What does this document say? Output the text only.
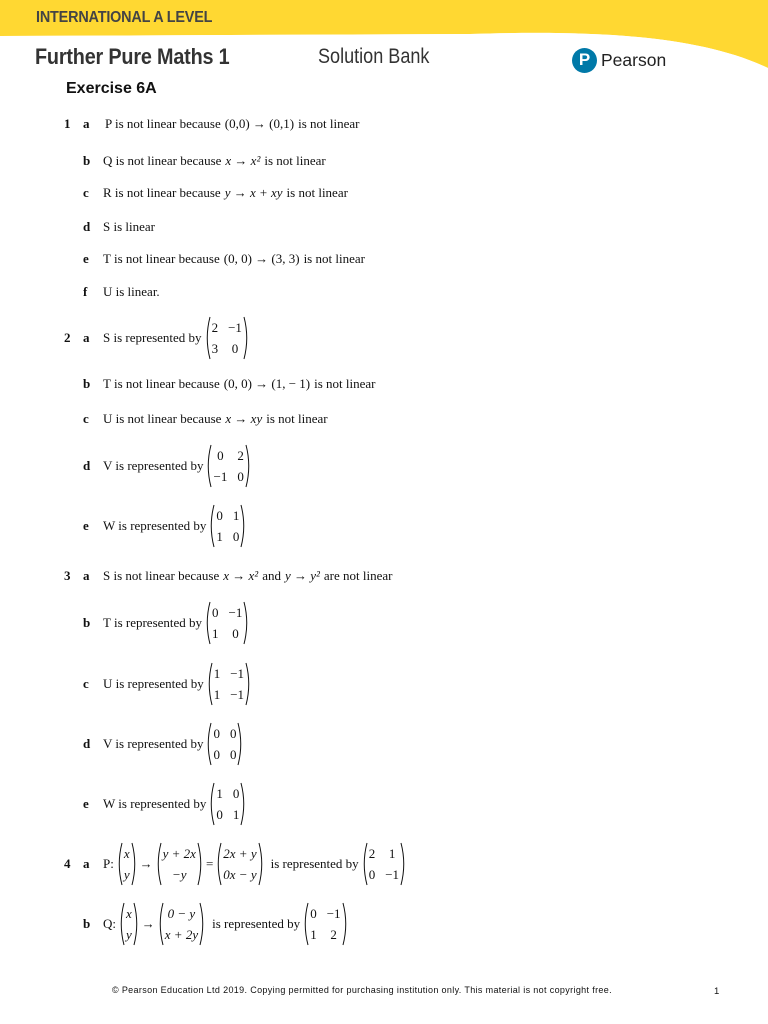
INTERNATIONAL A LEVEL
Further Pure Maths 1	Solution Bank	P Pearson
Exercise 6A
1 a P is not linear because (0,0) → (0,1) is not linear
b Q is not linear because x → x² is not linear
c R is not linear because y → x + xy is not linear
d S is linear
e T is not linear because (0, 0) → (3, 3) is not linear
f U is linear.
2 a S is represented by
2 −1
3 0
b T is not linear because (0, 0) → (1, − 1) is not linear
c U is not linear because x → xy is not linear
d V is represented by
0 2
−1 0
e W is represented by
0 1
1 0
3 a S is not linear because x → x² and y → y² are not linear
b T is represented by
0 −1
1 0
c U is represented by
1 −1
1 −1
d V is represented by
0 0
0 0
e W is represented by
1 0
0 1
4 a P:
x
y
→
y + 2x
−y
=
2x + y
0x − y
is represented by
2 1
0 −1
b Q:
x
y
→
0 − y
x + 2y
is represented by
0 −1
1 2
© Pearson Education Ltd 2019. Copying permitted for purchasing institution only. This material is not copyright free.	1
